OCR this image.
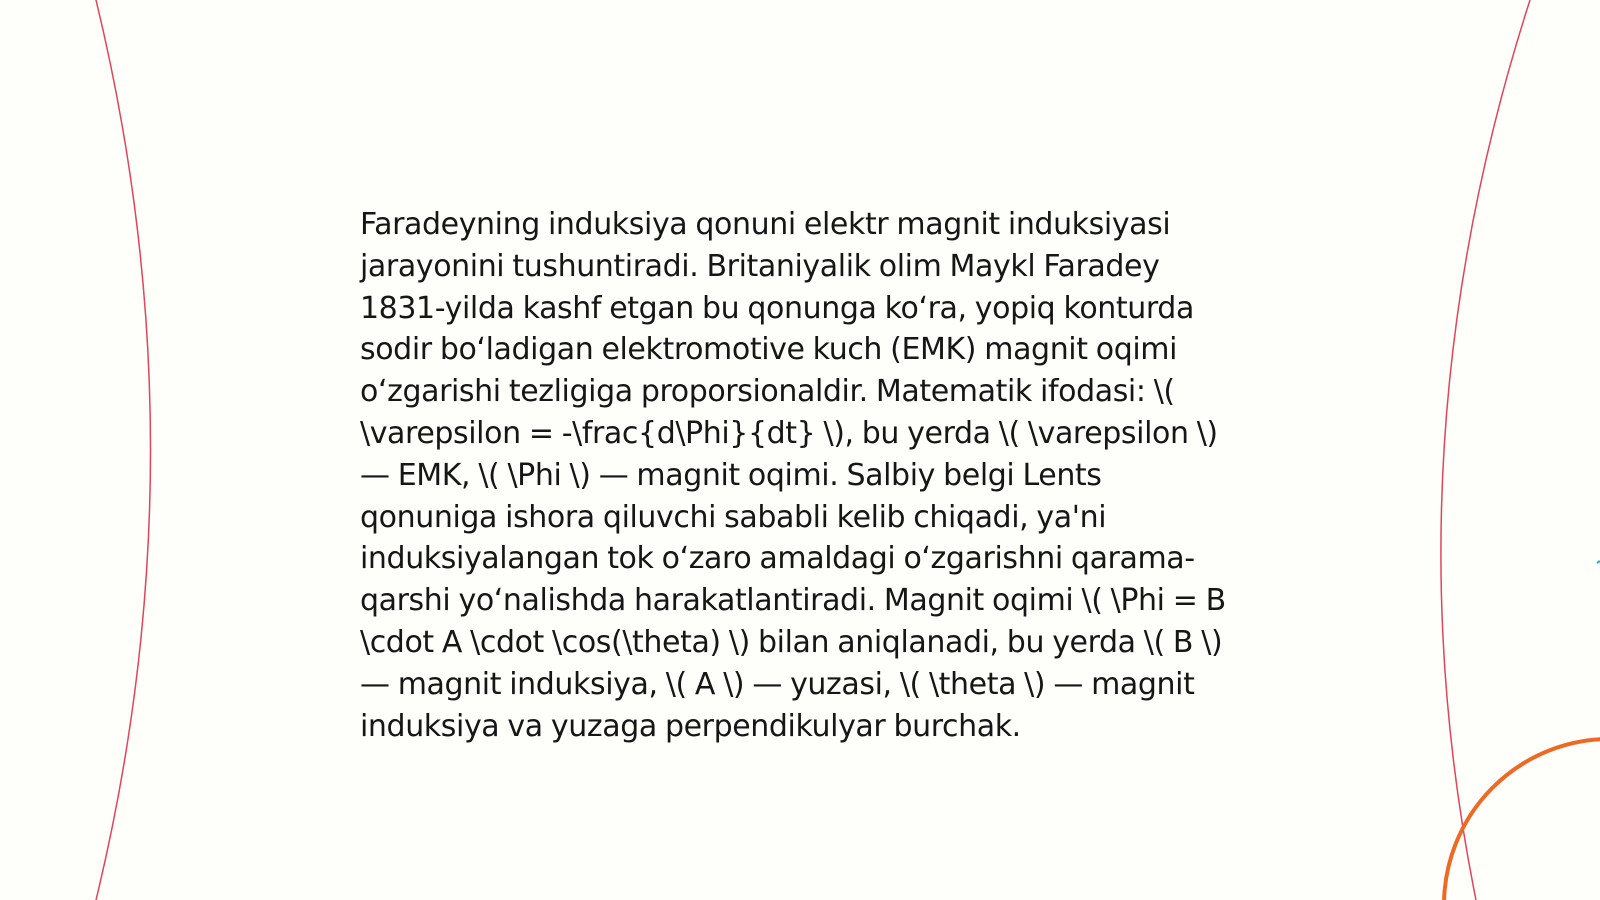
Faradeyning induksiya qonuni elektr magnit induksiyasi jarayonini tushuntiradi. Britaniyalik olim Maykl Faradey 1831-yilda kashf etgan bu qonunga koʻra, yopiq konturda sodir boʻladigan elektromotive kuch (EMK) magnit oqimi oʻzgarishi tezligiga proporsionaldir. Matematik ifodasi: \( \varepsilon = -\frac{d\Phi}{dt} \), bu yerda \( \varepsilon \) — EMK, \( \Phi \) — magnit oqimi. Salbiy belgi Lents qonuniga ishora qiluvchi sababli kelib chiqadi, ya'ni induksiyalangan tok oʻzaro amaldagi oʻzgarishni qarama-qarshi yoʻnalishda harakatlantiradi. Magnit oqimi \( \Phi = B \cdot A \cdot \cos(\theta) \) bilan aniqlanadi, bu yerda \( B \) — magnit induksiya, \( A \) — yuzasi, \( \theta \) — magnit induksiya va yuzaga perpendikulyar burchak.
